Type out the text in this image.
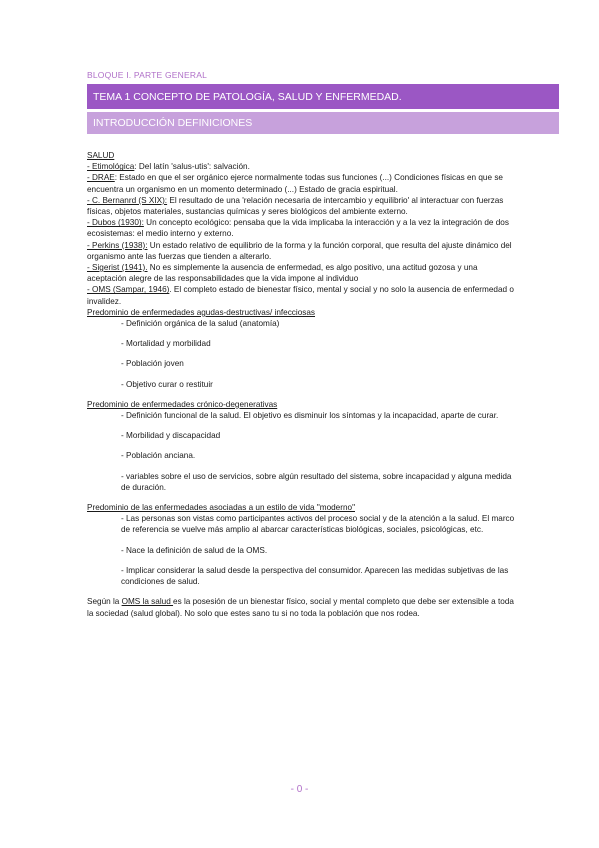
BLOQUE I. PARTE GENERAL
TEMA 1 CONCEPTO DE PATOLOGÍA, SALUD Y ENFERMEDAD.
INTRODUCCIÓN DEFINICIONES

SALUD

- Etimológica: Del latín 'salus-utis': salvación.

- DRAE: Estado en que el ser orgánico ejerce normalmente todas sus funciones (...) Condiciones físicas en que se encuentra un organismo en un momento determinado (...) Estado de gracia espiritual.

- C. Bernanrd (S XIX): El resultado de una 'relación necesaria de intercambio y equilibrio' al interactuar con fuerzas físicas, objetos materiales, sustancias químicas y seres biológicos del ambiente externo.

- Dubos (1930): Un concepto ecológico: pensaba que la vida implicaba la interacción y a la vez la integración de dos ecosistemas: el medio interno y externo.

- Perkins (1938): Un estado relativo de equilibrio de la forma y la función corporal, que resulta del ajuste dinámico del organismo ante las fuerzas que tienden a alterarlo.

- Sigerist (1941). No es simplemente la ausencia de enfermedad, es algo positivo, una actitud gozosa y una aceptación alegre de las responsabilidades que la vida impone al individuo

- OMS (Sampar, 1946). El completo estado de bienestar físico, mental y social y no solo la ausencia de enfermedad o invalidez.

Predominio de enfermedades agudas-destructivas/ infecciosas

- Definición orgánica de la salud (anatomía)

- Mortalidad y morbilidad

- Población joven

- Objetivo curar o restituir

Predominio de enfermedades crónico-degenerativas

- Definición funcional de la salud. El objetivo es disminuir los síntomas y la incapacidad, aparte de curar.

- Morbilidad y discapacidad

- Población anciana.

- variables sobre el uso de servicios, sobre algún resultado del sistema, sobre incapacidad y alguna medida de duración.

Predominio de las enfermedades asociadas a un estilo de vida "moderno"

- Las personas son vistas como participantes activos del proceso social y de la atención a la salud. El marco de referencia se vuelve más amplio al abarcar características biológicas, sociales, psicológicas, etc.

- Nace la definición de salud de la OMS.

- Implicar considerar la salud desde la perspectiva del consumidor. Aparecen las medidas subjetivas de las condiciones de salud.

Según la OMS la salud es la posesión de un bienestar físico, social y mental completo que debe ser extensible a toda la sociedad (salud global). No solo que estes sano tu si no toda la población que nos rodea.

- 0 -
